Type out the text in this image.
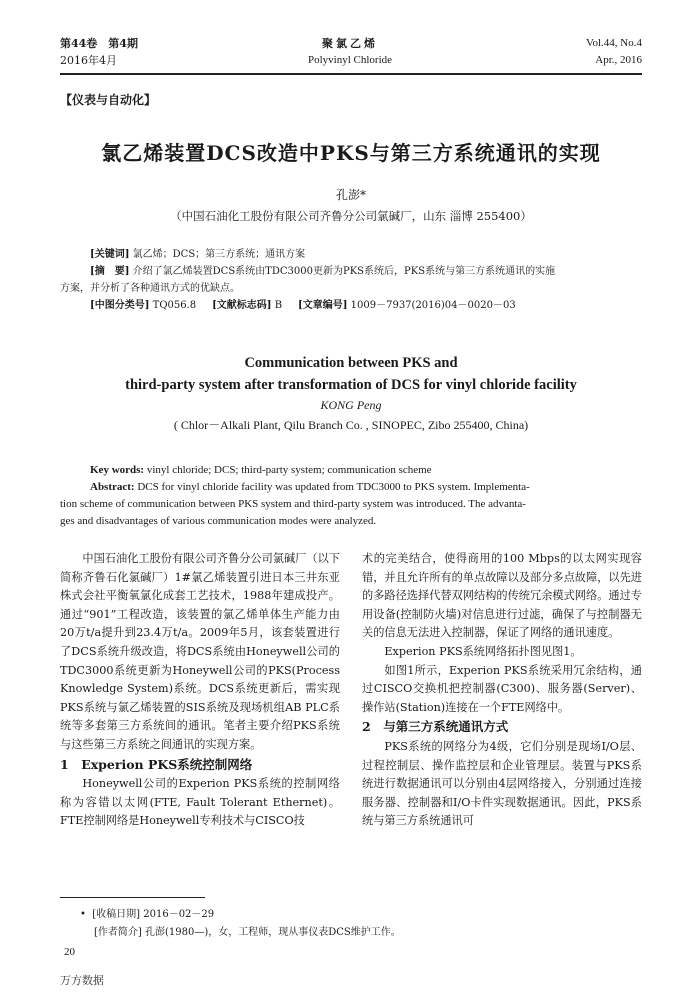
第44卷　第4期
2016年4月
聚氯乙烯
Polyvinyl Chloride
Vol.44, No.4
Apr., 2016
【仪表与自动化】
氯乙烯装置DCS改造中PKS与第三方系统通讯的实现
孔澎*
（中国石油化工股份有限公司齐鲁分公司氯碱厂，山东 淄博 255400）
[关键词] 氯乙烯；DCS；第三方系统；通讯方案
[摘　要] 介绍了氯乙烯装置DCS系统由TDC3000更新为PKS系统后，PKS系统与第三方系统通讯的实施
方案，并分析了各种通讯方式的优缺点。
[中图分类号] TQ056.8 [文献标志码] B [文章编号] 1009－7937(2016)04－0020－03
Communication between PKS and
third-party system after transformation of DCS for vinyl chloride facility
KONG Peng
( Chlor－Alkali Plant, Qilu Branch Co. , SINOPEC, Zibo 255400, China)
Key words: vinyl chloride; DCS; third-party system; communication scheme
Abstract: DCS for vinyl chloride facility was updated from TDC3000 to PKS system. Implementa-
tion scheme of communication between PKS system and third-party system was introduced. The advanta-
ges and disadvantages of various communication modes were analyzed.

中国石油化工股份有限公司齐鲁分公司氯碱厂（以下简称齐鲁石化氯碱厂）1#氯乙烯装置引进日本三井东亚株式会社平衡氧氯化成套工艺技术，1988年建成投产。通过“901”工程改造，该装置的氯乙烯单体生产能力由20万t/a提升到23.4万t/a。2009年5月，该套装置进行了DCS系统升级改造，将DCS系统由Honeywell公司的TDC3000系统更新为Honeywell公司的PKS(Process Knowledge System)系统。DCS系统更新后，需实现PKS系统与氯乙烯装置的SIS系统及现场机组AB PLC系统等多套第三方系统间的通讯。笔者主要介绍PKS系统与这些第三方系统之间通讯的实现方案。

1　Experion PKS系统控制网络

Honeywell公司的Experion PKS系统的控制网络称为容错以太网(FTE, Fault Tolerant Ethernet)。FTE控制网络是Honeywell专利技术与CISCO技

术的完美结合，使得商用的100 Mbps的以太网实现容错，并且允许所有的单点故障以及部分多点故障，以先进的多路径选择代替双网结构的传统冗余模式网络。通过专用设备(控制防火墙)对信息进行过滤，确保了与控制器无关的信息无法进入控制器，保证了网络的通讯速度。

Experion PKS系统网络拓扑图见图1。

如图1所示，Experion PKS系统采用冗余结构，通过CISCO交换机把控制器(C300)、服务器(Server)、操作站(Station)连接在一个FTE网络中。

2　与第三方系统通讯方式

PKS系统的网络分为4级，它们分别是现场I/O层、过程控制层、操作监控层和企业管理层。装置与PKS系统进行数据通讯可以分别由4层网络接入，分别通过连接服务器、控制器和I/O卡件实现数据通讯。因此，PKS系统与第三方系统通讯可

• [收稿日期] 2016－02－29
[作者简介] 孔澎(1980—)，女，工程师，现从事仪表DCS维护工作。
20
万方数据
